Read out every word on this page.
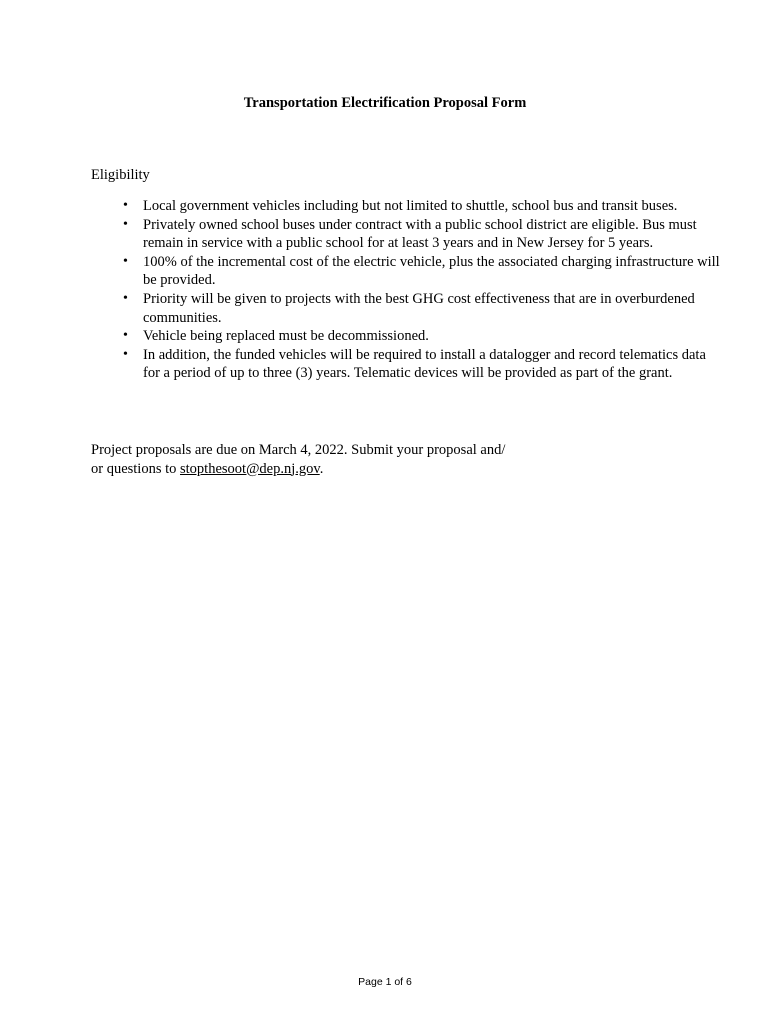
Transportation Electrification Proposal Form
Eligibility
• Local government vehicles including but not limited to shuttle, school bus and transit buses.
• Privately owned school buses under contract with a public school district are eligible. Bus must remain in service with a public school for at least 3 years and in New Jersey for 5 years.
• 100% of the incremental cost of the electric vehicle, plus the associated charging infrastructure will be provided.
• Priority will be given to projects with the best GHG cost effectiveness that are in overburdened communities.
• Vehicle being replaced must be decommissioned.
• In addition, the funded vehicles will be required to install a datalogger and record telematics data for a period of up to three (3) years. Telematic devices will be provided as part of the grant.
Project proposals are due on March 4, 2022. Submit your proposal and/
or questions to stopthesoot@dep.nj.gov.
Page 1 of 6
